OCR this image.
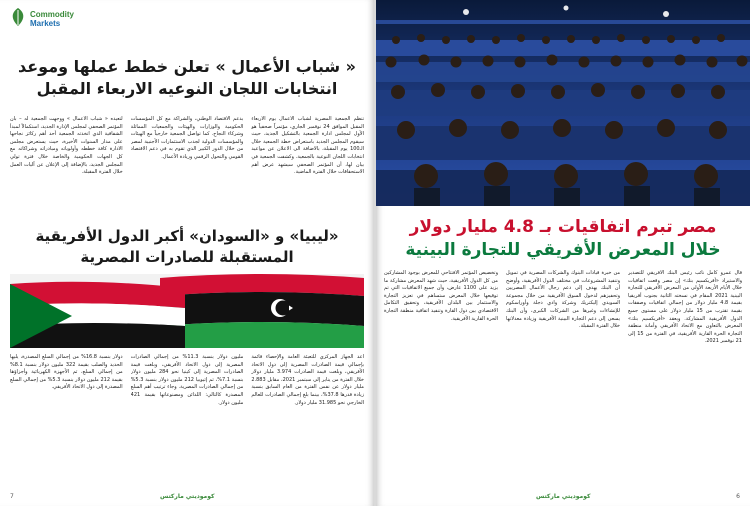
Commodity
Markets
« شباب الأعمال » تعلن خطط عملها وموعد
انتخابات اللجان النوعيه الاربعاء المقبل
تنظم الجمعية المصرية لشباب الأعمال يوم الأربعاء المقبل الموافق 24 نوفمبر الجاري، مؤتمراً صحفياً هو الأول لمجلس ادارة الجمعية بالتشكيل الجديد، حيث سيقوم المجلس الجديد باستعراض خطة الجمعية خلال الـ100 يوم المقبلة، بالاضافة الى الاعلان عن مواعيد انتخابات اللجان النوعية بالجمعية. وكشفت الجمعية في بيان لها، أن المؤتمر الصحفي سيشهد عرض أهم الاستحقاقات خلال الفترة الماضية.
بدعم الاقتصاد الوطني، والشراكة مع كل المؤسسات الحكومية والوزارات والهيئات والجمعيات المماثلة وشركاء النجاح. كما تواصل الجمعية خارجياً مع الهيئات والمؤسسات الدولية لجذب الاستثمارات الأجنبية لمصر من خلال الدور الكبير الذي تقوم به في دعم الاقتصاد القومي والتحول الرقمي وريادة الأعمال.
لتعيده « شباب الأعمال » ووجهت الجمعية له – بأن المؤتمر الصحفي لمجلس الإدارة الجديد، استكمالاً لمبدأ الشفافية الذي اتخذته الجمعية أحد أهم ركائز نجاحها على مدار السنوات الأخيرة، حيث يستعرض مجلس الادارة كافة خططه وأولوياته ومبادراته وشراكاته مع كل الجهات الحكومية والخاصة خلال فترة تولي المجلس الجديد، بالإضافة إلى الإعلان عن آليات العمل خلال الفترة المقبلة.
«ليبيا» و «السودان» أكبر الدول الأفريقية
المستقبلة للصادرات المصرية
أعد الجهاز المركزي للتعبئة العامة والإحصاء قائمة بإجمالي قيمة الصادرات المصرية إلى دول الاتحاد الأفريقي، وبلغت قيمة الصادرات 3.974 مليار دولار خلال الفترة من يناير إلى سبتمبر 2021، مقابل 2.883 مليار دولار عن نفس الفترة من العام السابق بنسبة زيادة قدرها 37.8%، بينما بلغ إجمالي الصادرات للعالم الخارجي نحو 31.985 مليار دولار.
مليون دولار بنسبة 11.3% من إجمالي الصادرات المصرية إلى دول الاتحاد الأفريقي، وبلغت قيمة الصادرات المصرية إلى كينيا نحو 284 مليون دولار بنسبة 7.1%، ثم إثيوبيا 212 مليون دولار بنسبة 5.3% من إجمالي الصادرات المصرية. وجاء ترتيب أهم السلع المصدرة كالتالي: اللدائن ومصنوعاتها بقيمة 421 مليون دولار.
دولار بنسبة 16.8% من إجمالي السلع المصدرة، يليها الحديد والصلب بقيمة 322 مليون دولار بنسبة 8.1% من إجمالي السلع، ثم الأجهزة الكهربائية وأجزاؤها بقيمة 212 مليون دولار بنسبة 5.3% من إجمالي السلع المصدرة إلى دول الاتحاد الأفريقي.
7	كوموديتي ماركتس
مصر تبرم اتفاقيات بـ 4.8 مليار دولار
خلال المعرض الأفريقي للتجارة البينية
قال عمرو كامل نائب رئيس البنك الأفريقي للتصدير والاستيراد «أفريكسيم بنك» إن مصر وقعت اتفاقيات خلال الأيام الأربعة الأولى من المعرض الأفريقي للتجارة البينية 2021 المقام في نسخته الثانية بجنوب أفريقيا بقيمة 4.8 مليار دولار من إجمالي اتفاقيات وصفقات بقيمة تقترب من 15 مليار دولار على مستوى جميع الدول الأفريقية المشاركة. ويعقد «أفريكسيم بنك» المعرض بالتعاون مع الاتحاد الأفريقي وأمانة منطقة التجارة الحرة القارية الأفريقية، في الفترة من 15 إلى 21 نوفمبر 2021.
من خبرة قيادات البنوك والشركات المصرية في تمويل وتنفيذ المشروعات في مختلف الدول الأفريقية، وأوضح أن البنك يهدف إلى دعم رجال الأعمال المصريين وتحفيزهم لدخول السوق الأفريقية من خلال مجموعة السويدي إليكتريك وشركة وادي دجلة وأوراسكوم للإنشاءات وغيرها من الشركات الكبرى، وأن البنك يسعى إلى دعم التجارة البينية الأفريقية وزيادة معدلاتها خلال الفترة المقبلة.
وتخصيص المؤتمر الافتتاحي للمعرض بوجود المشاركين من كل الدول الأفريقية، حيث شهد المعرض مشاركة ما يزيد على 1100 عارض، وأن جميع الاتفاقيات التي تم توقيعها خلال المعرض ستساهم في تعزيز التجارة والاستثمار بين البلدان الأفريقية، وتحقيق التكامل الاقتصادي بين دول القارة وتنفيذ اتفاقية منطقة التجارة الحرة القارية الأفريقية.
6
كوموديتي ماركتس
